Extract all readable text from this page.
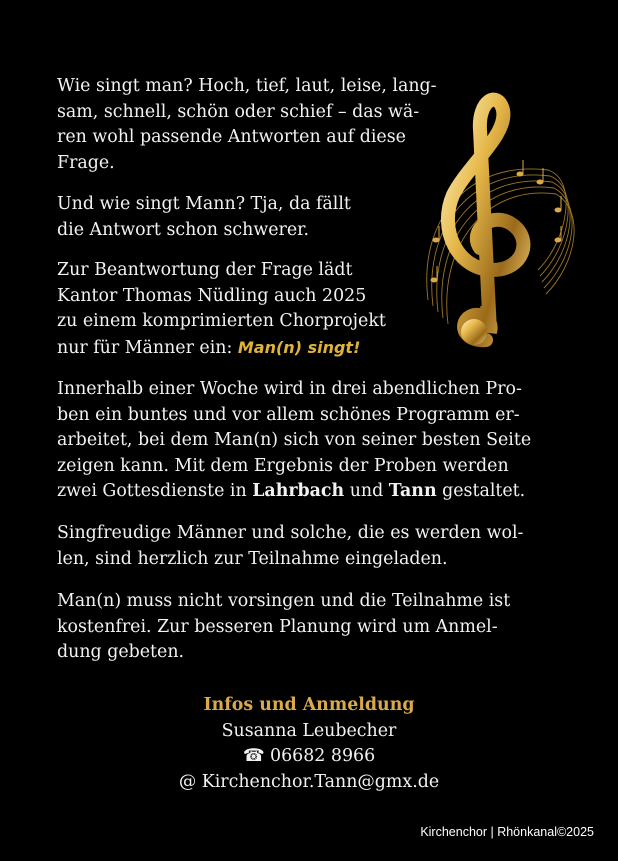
Wie singt man? Hoch, tief, laut, leise, lang-
sam, schnell, schön oder schief – das wä-
ren wohl passende Antworten auf diese
Frage.

Und wie singt Mann? Tja, da fällt
die Antwort schon schwerer.

Zur Beantwortung der Frage lädt
Kantor Thomas Nüdling auch 2025
zu einem komprimierten Chorprojekt
nur für Männer ein: Man(n) singt!

Innerhalb einer Woche wird in drei abendlichen Pro-
ben ein buntes und vor allem schönes Programm er-
arbeitet, bei dem Man(n) sich von seiner besten Seite
zeigen kann. Mit dem Ergebnis der Proben werden
zwei Gottesdienste in Lahrbach und Tann gestaltet.

Singfreudige Männer und solche, die es werden wol-
len, sind herzlich zur Teilnahme eingeladen.

Man(n) muss nicht vorsingen und die Teilnahme ist
kostenfrei. Zur besseren Planung wird um Anmel-
dung gebeten.

Infos und Anmeldung
Susanna Leubecher
☎ 06682 8966
@ Kirchenchor.Tann@gmx.de
Kirchenchor | Rhönkanal©2025
